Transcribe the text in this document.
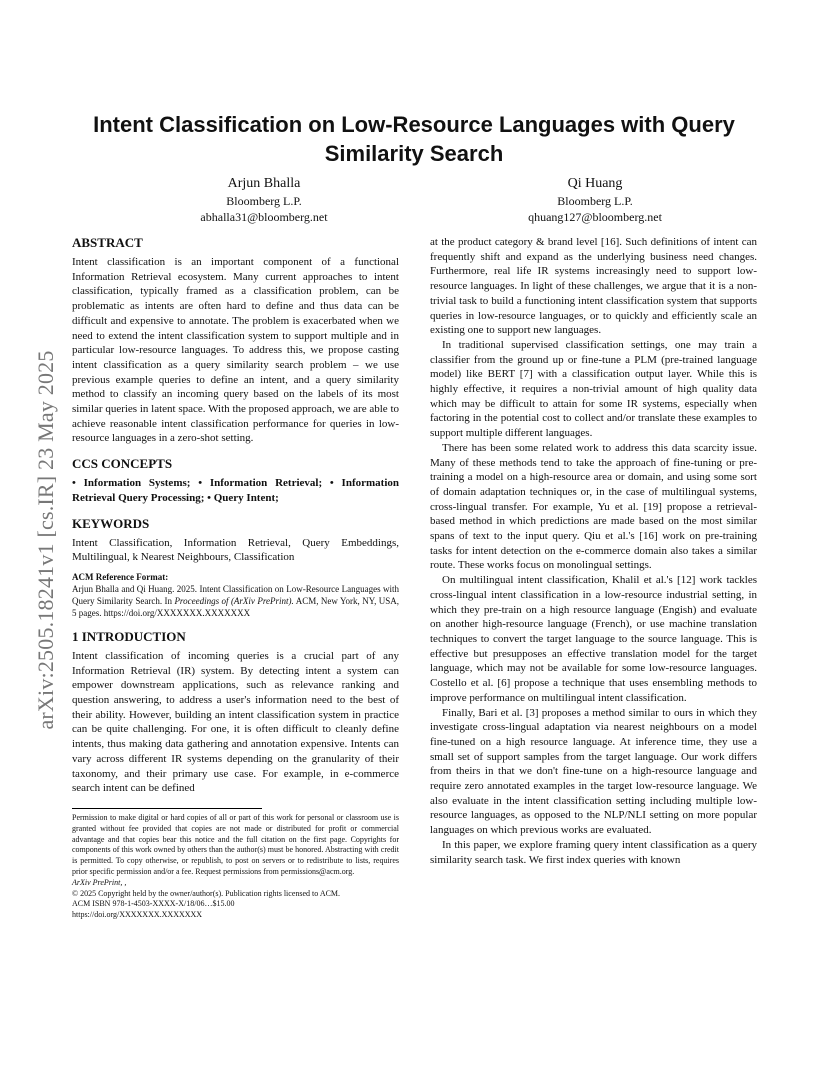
arXiv:2505.18241v1 [cs.IR] 23 May 2025
Intent Classification on Low-Resource Languages with Query Similarity Search
Arjun Bhalla
Bloomberg L.P.
abhalla31@bloomberg.net
Qi Huang
Bloomberg L.P.
qhuang127@bloomberg.net
ABSTRACT

Intent classification is an important component of a functional Information Retrieval ecosystem. Many current approaches to intent classification, typically framed as a classification problem, can be problematic as intents are often hard to define and thus data can be difficult and expensive to annotate. The problem is exacerbated when we need to extend the intent classification system to support multiple and in particular low-resource languages. To address this, we propose casting intent classification as a query similarity search problem – we use previous example queries to define an intent, and a query similarity method to classify an incoming query based on the labels of its most similar queries in latent space. With the proposed approach, we are able to achieve reasonable intent classification performance for queries in low-resource languages in a zero-shot setting.

CCS CONCEPTS

• Information Systems; • Information Retrieval; • Information Retrieval Query Processing; • Query Intent;

KEYWORDS

Intent Classification, Information Retrieval, Query Embeddings, Multilingual, k Nearest Neighbours, Classification

ACM Reference Format:
Arjun Bhalla and Qi Huang. 2025. Intent Classification on Low-Resource Languages with Query Similarity Search. In Proceedings of (ArXiv PrePrint). ACM, New York, NY, USA, 5 pages. https://doi.org/XXXXXXX.XXXXXXX
1 INTRODUCTION

Intent classification of incoming queries is a crucial part of any Information Retrieval (IR) system. By detecting intent a system can empower downstream applications, such as relevance ranking and question answering, to address a user's information need to the best of their ability. However, building an intent classification system in practice can be quite challenging. For one, it is often difficult to cleanly define intents, thus making data gathering and annotation expensive. Intents can vary across different IR systems depending on the granularity of their taxonomy, and their primary use case. For example, in e-commerce search intent can be defined

Permission to make digital or hard copies of all or part of this work for personal or classroom use is granted without fee provided that copies are not made or distributed for profit or commercial advantage and that copies bear this notice and the full citation on the first page. Copyrights for components of this work owned by others than the author(s) must be honored. Abstracting with credit is permitted. To copy otherwise, or republish, to post on servers or to redistribute to lists, requires prior specific permission and/or a fee. Request permissions from permissions@acm.org.
ArXiv PrePrint, ,
© 2025 Copyright held by the owner/author(s). Publication rights licensed to ACM.
ACM ISBN 978-1-4503-XXXX-X/18/06…$15.00
https://doi.org/XXXXXXX.XXXXXXX

at the product category & brand level [16]. Such definitions of intent can frequently shift and expand as the underlying business need changes. Furthermore, real life IR systems increasingly need to support low-resource languages. In light of these challenges, we argue that it is a non-trivial task to build a functioning intent classification system that supports queries in low-resource languages, or to quickly and efficiently scale an existing one to support new languages.

In traditional supervised classification settings, one may train a classifier from the ground up or fine-tune a PLM (pre-trained language model) like BERT [7] with a classification output layer. While this is highly effective, it requires a non-trivial amount of high quality data which may be difficult to attain for some IR systems, especially when factoring in the potential cost to collect and/or translate these examples to support multiple different languages.

There has been some related work to address this data scarcity issue. Many of these methods tend to take the approach of fine-tuning or pre-training a model on a high-resource area or domain, and using some sort of domain adaptation techniques or, in the case of multilingual systems, cross-lingual transfer. For example, Yu et al. [19] propose a retrieval-based method in which predictions are made based on the most similar spans of text to the input query. Qiu et al.'s [16] work on pre-training tasks for intent detection on the e-commerce domain also takes a similar route. These works focus on monolingual settings.

On multilingual intent classification, Khalil et al.'s [12] work tackles cross-lingual intent classification in a low-resource industrial setting, in which they pre-train on a high resource language (Engish) and evaluate on another high-resource language (French), or use machine translation techniques to convert the target language to the source language. This is effective but presupposes an effective translation model for the target language, which may not be available for some low-resource languages. Costello et al. [6] propose a technique that uses ensembling methods to improve performance on multilingual intent classification.

Finally, Bari et al. [3] proposes a method similar to ours in which they investigate cross-lingual adaptation via nearest neighbours on a model fine-tuned on a high resource language. At inference time, they use a small set of support samples from the target language. Our work differs from theirs in that we don't fine-tune on a high-resource language and require zero annotated examples in the target low-resource language. We also evaluate in the intent classification setting including multiple low-resource languages, as opposed to the NLP/NLI setting on more popular languages on which previous works are evaluated.

In this paper, we explore framing query intent classification as a query similarity search task. We first index queries with known
